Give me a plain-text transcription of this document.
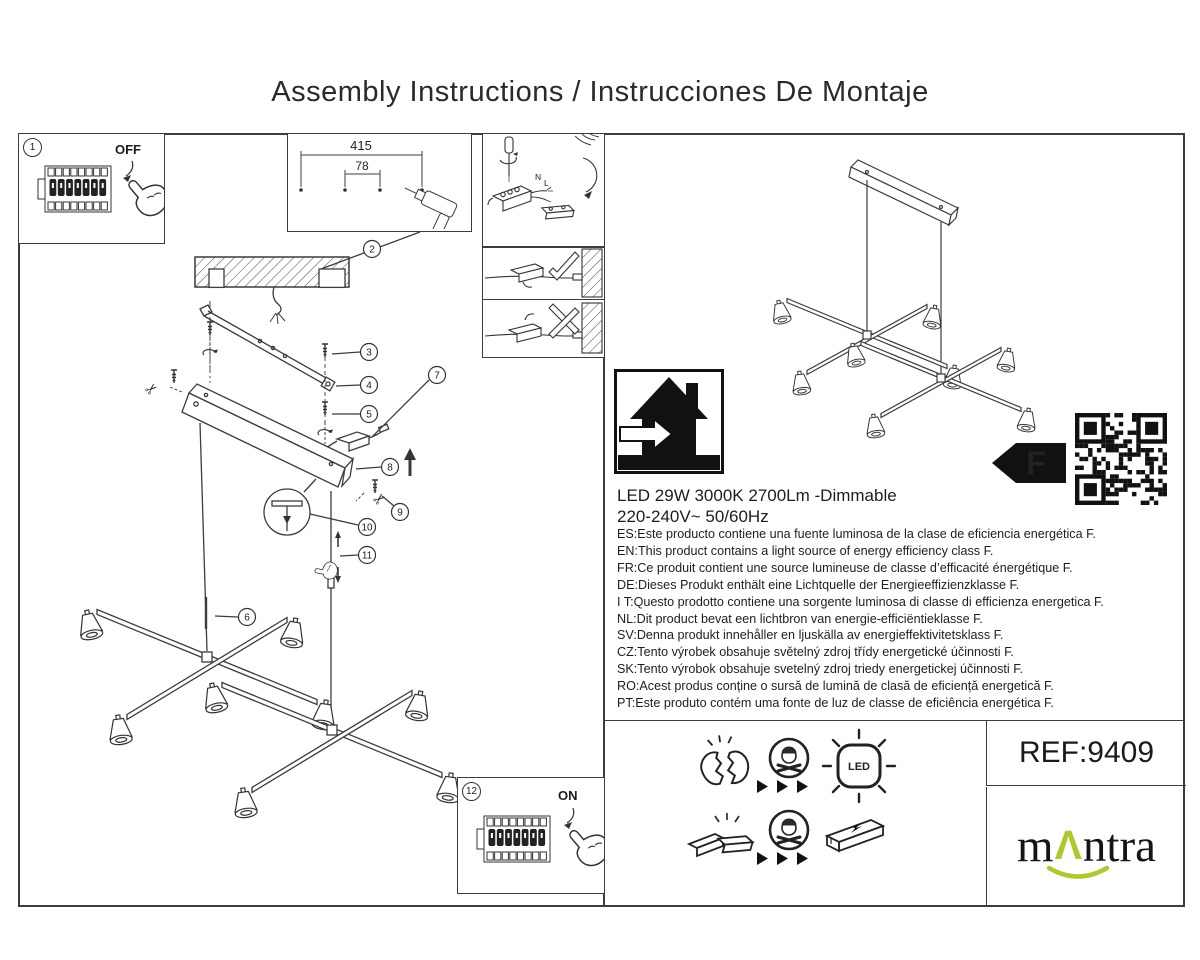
Assembly Instructions / Instrucciones De Montaje
✂
✂
2
3
4
5
6
7
8
9
10
11
1	OFF	415
78
N
L
12	ON
F
LED 29W 3000K 2700Lm -Dimmable
220-240V~ 50/60Hz
ES:Este producto contiene una fuente luminosa de la clase de eficiencia energética F.
EN:This product contains a light source of energy efficiency class F.
FR:Ce produit contient une source lumineuse de classe d’efficacité énergétique F.
DE:Dieses Produkt enthält eine Lichtquelle der Energieeffizienzklasse F.
I T:Questo prodotto contiene una sorgente luminosa di classe di efficienza energetica F.
NL:Dit product bevat een lichtbron van energie-efficiëntieklasse F.
SV:Denna produkt innehåller en ljuskälla av energieffektivitetsklass F.
CZ:Tento výrobek obsahuje světelný zdroj třídy energetické účinnosti F.
SK:Tento výrobok obsahuje svetelný zdroj triedy energetickej účinnosti F.
RO:Acest produs conține o sursă de lumină de clasă de eficiență energetică F.
PT:Este produto contém uma fonte de luz de classe de eficiência energética F.
LED	REF:9409
mΛntra
